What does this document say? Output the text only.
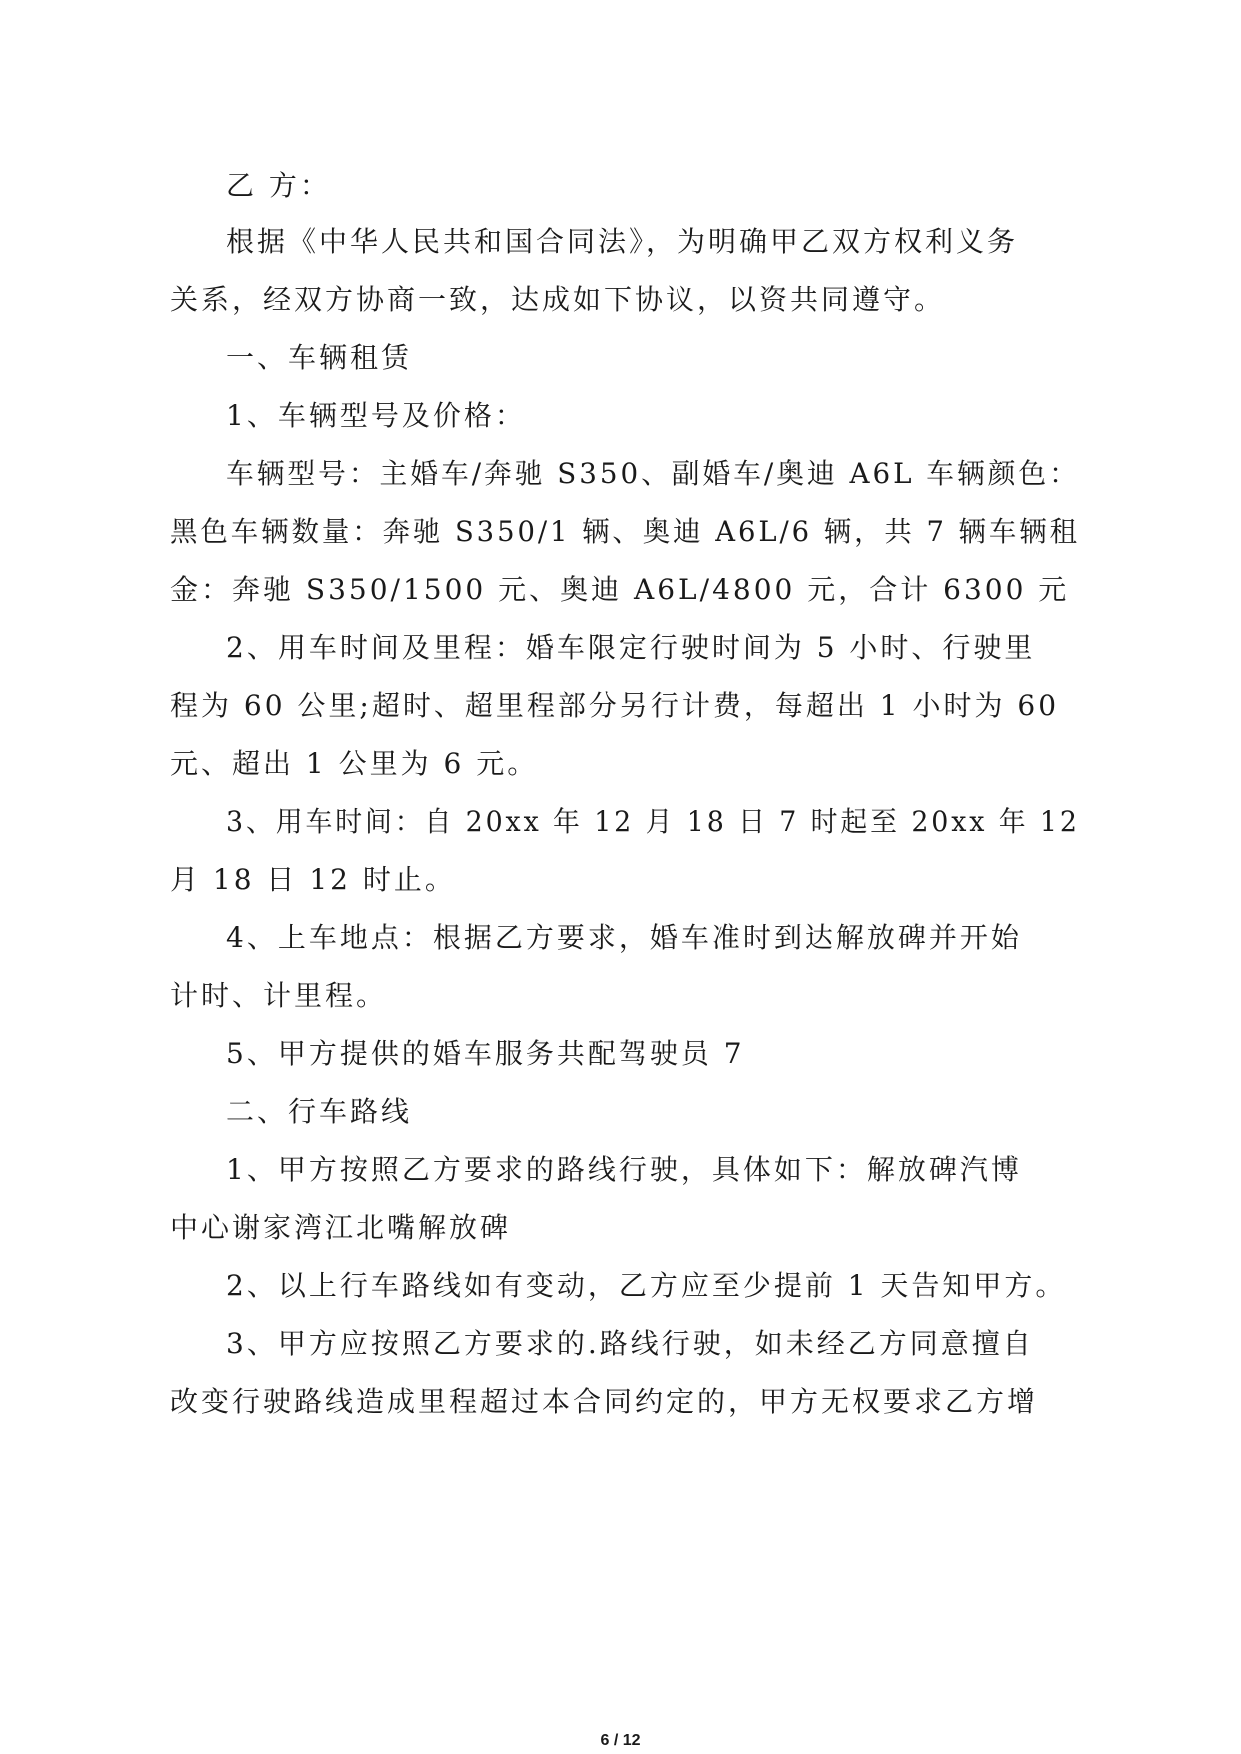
乙 方：
根据《中华人民共和国合同法》，为明确甲乙双方权利义务
关系，经双方协商一致，达成如下协议，以资共同遵守。
一、车辆租赁
1、车辆型号及价格：
车辆型号：主婚车/奔驰 S350、副婚车/奥迪 A6L 车辆颜色：
黑色车辆数量：奔驰 S350/1 辆、奥迪 A6L/6 辆，共 7 辆车辆租
金：奔驰 S350/1500 元、奥迪 A6L/4800 元，合计 6300 元
2、用车时间及里程：婚车限定行驶时间为 5 小时、行驶里
程为 60 公里;超时、超里程部分另行计费，每超出 1 小时为 60
元、超出 1 公里为 6 元。
3、用车时间：自 20xx 年 12 月 18 日 7 时起至 20xx 年 12
月 18 日 12 时止。
4、上车地点：根据乙方要求，婚车准时到达解放碑并开始
计时、计里程。
5、甲方提供的婚车服务共配驾驶员 7
二、行车路线
1、甲方按照乙方要求的路线行驶，具体如下：解放碑汽博
中心谢家湾江北嘴解放碑
2、以上行车路线如有变动，乙方应至少提前 1 天告知甲方。
3、甲方应按照乙方要求的.路线行驶，如未经乙方同意擅自
改变行驶路线造成里程超过本合同约定的，甲方无权要求乙方增
6 / 12
